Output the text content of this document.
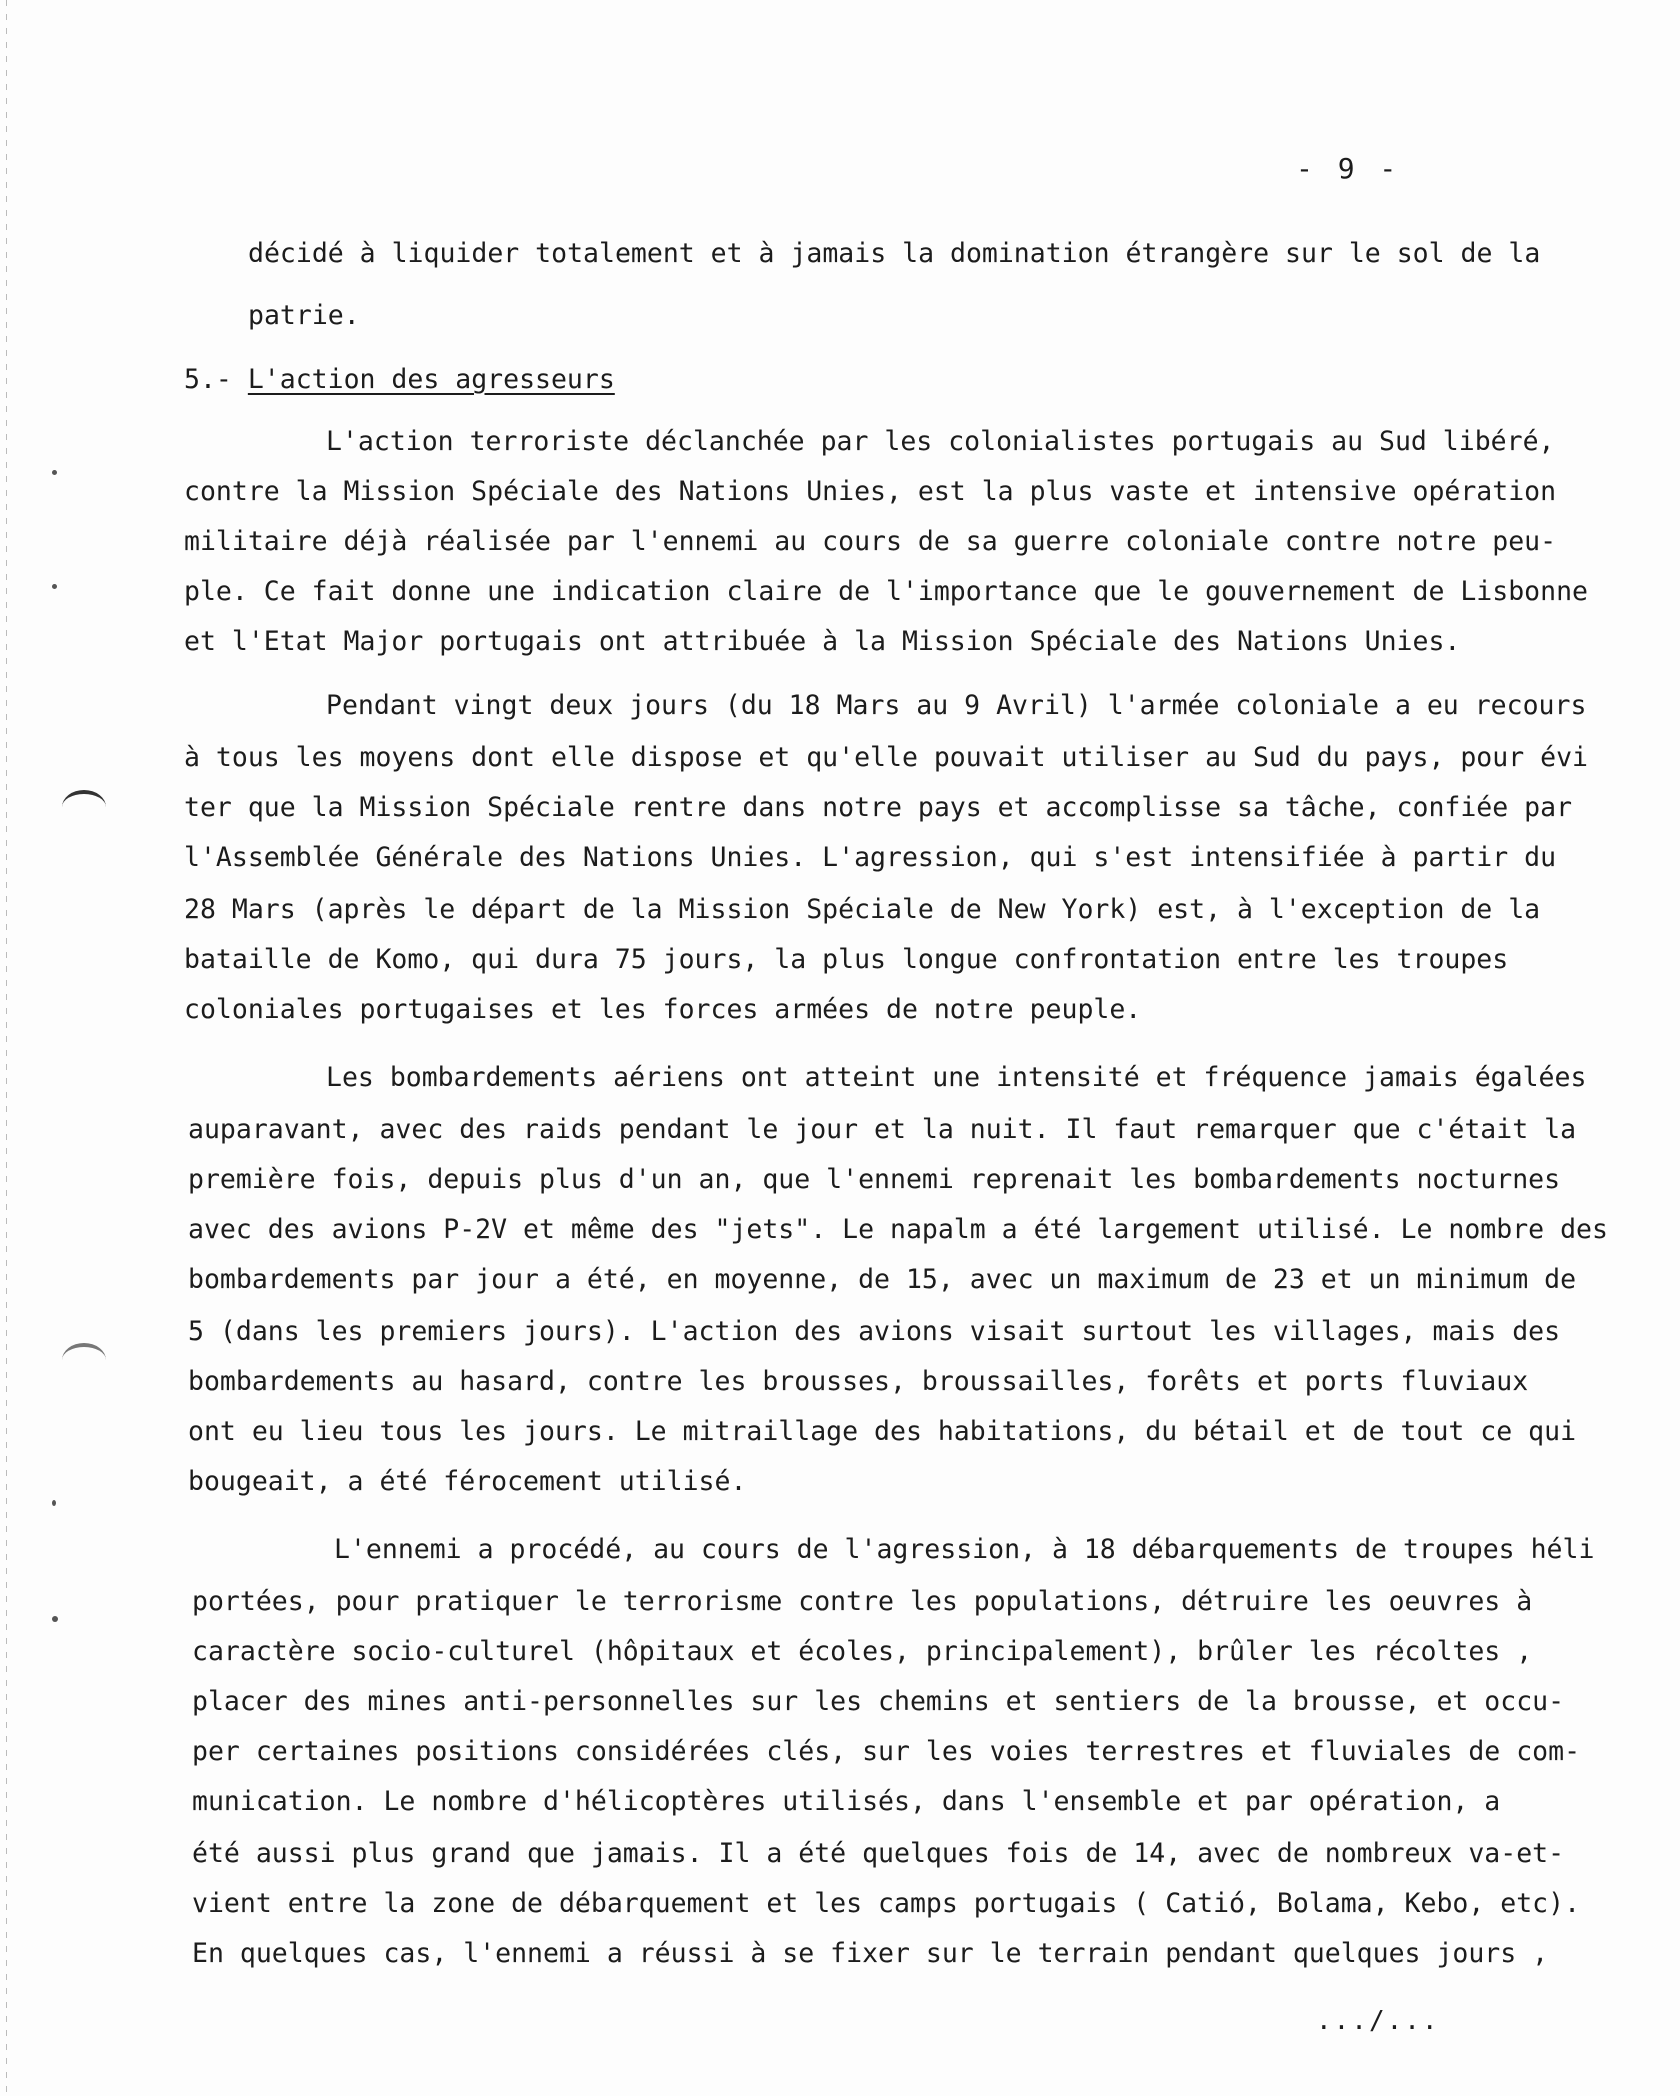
- 9 -
décidé à liquider totalement et à jamais la domination étrangère sur le sol de la
patrie.
5.- L'action des agresseurs
L'action terroriste déclanchée par les colonialistes portugais au Sud libéré,
contre la Mission Spéciale des Nations Unies, est la plus vaste et intensive opération
militaire déjà réalisée par l'ennemi au cours de sa guerre coloniale contre notre peu-
ple. Ce fait donne une indication claire de l'importance que le gouvernement de Lisbonne
et l'Etat Major portugais ont attribuée à la Mission Spéciale des Nations Unies.
Pendant vingt deux jours (du 18 Mars au 9 Avril) l'armée coloniale a eu recours
à tous les moyens dont elle dispose et qu'elle pouvait utiliser au Sud du pays, pour évi
ter que la Mission Spéciale rentre dans notre pays et accomplisse sa tâche, confiée par
l'Assemblée Générale des Nations Unies. L'agression, qui s'est intensifiée à partir du
28 Mars (après le départ de la Mission Spéciale de New York) est, à l'exception de la
bataille de Komo, qui dura 75 jours, la plus longue confrontation entre les troupes
coloniales portugaises et les forces armées de notre peuple.
Les bombardements aériens ont atteint une intensité et fréquence jamais égalées
auparavant, avec des raids pendant le jour et la nuit. Il faut remarquer que c'était la
première fois, depuis plus d'un an, que l'ennemi reprenait les bombardements nocturnes
avec des avions P-2V et même des "jets". Le napalm a été largement utilisé. Le nombre des
bombardements par jour a été, en moyenne, de 15, avec un maximum de 23 et un minimum de
5 (dans les premiers jours). L'action des avions visait surtout les villages, mais des
bombardements au hasard, contre les brousses, broussailles, forêts et ports fluviaux
ont eu lieu tous les jours. Le mitraillage des habitations, du bétail et de tout ce qui
bougeait, a été férocement utilisé.
L'ennemi a procédé, au cours de l'agression, à 18 débarquements de troupes héli
portées, pour pratiquer le terrorisme contre les populations, détruire les oeuvres à
caractère socio-culturel (hôpitaux et écoles, principalement), brûler les récoltes ,
placer des mines anti-personnelles sur les chemins et sentiers de la brousse, et occu-
per certaines positions considérées clés, sur les voies terrestres et fluviales de com-
munication. Le nombre d'hélicoptères utilisés, dans l'ensemble et par opération, a
été aussi plus grand que jamais. Il a été quelques fois de 14, avec de nombreux va-et-
vient entre la zone de débarquement et les camps portugais ( Catió, Bolama, Kebo, etc).
En quelques cas, l'ennemi a réussi à se fixer sur le terrain pendant quelques jours ,
.../...
